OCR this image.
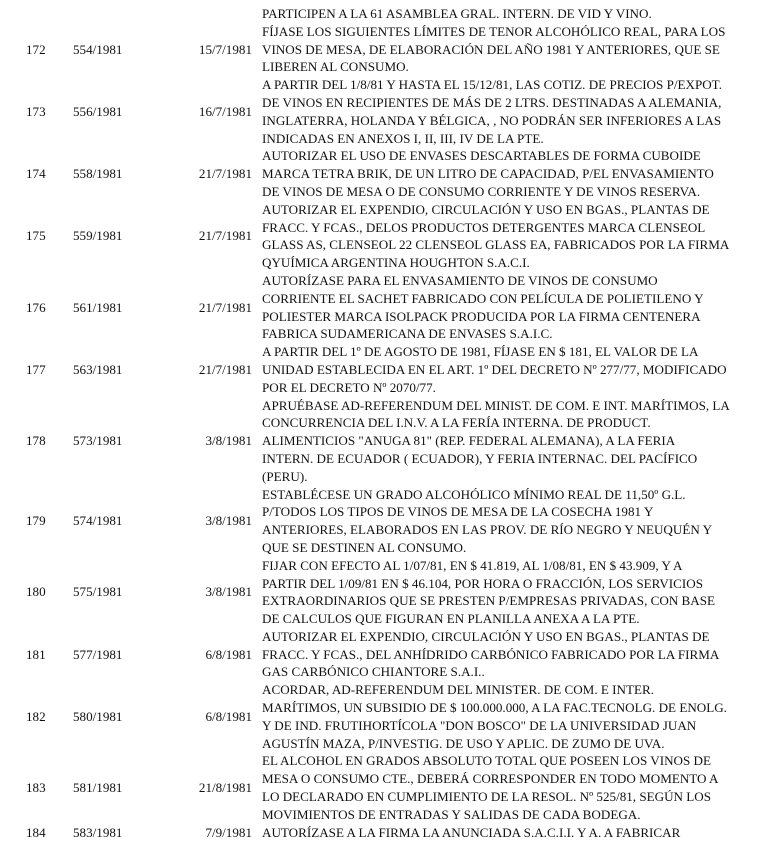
PARTICIPEN A LA 61 ASAMBLEA GRAL. INTERN. DE VID Y VINO.
172	554/1981	15/7/1981
FÍJASE LOS SIGUIENTES LÍMITES DE TENOR ALCOHÓLICO REAL, PARA LOS
VINOS DE MESA, DE ELABORACIÓN DEL AÑO 1981 Y ANTERIORES, QUE SE
LIBEREN AL CONSUMO.
173	556/1981	16/7/1981
A PARTIR DEL 1/8/81 Y HASTA EL 15/12/81, LAS COTIZ. DE PRECIOS P/EXPOT.
DE VINOS EN RECIPIENTES DE MÁS DE 2 LTRS. DESTINADAS A ALEMANIA,
INGLATERRA, HOLANDA Y BÉLGICA, , NO PODRÁN SER INFERIORES A LAS
INDICADAS EN ANEXOS I, II, III, IV DE LA PTE.
174	558/1981	21/7/1981
AUTORIZAR EL USO DE ENVASES DESCARTABLES DE FORMA CUBOIDE
MARCA TETRA BRIK, DE UN LITRO DE CAPACIDAD, P/EL ENVASAMIENTO
DE VINOS DE MESA O DE CONSUMO CORRIENTE Y DE VINOS RESERVA.
175	559/1981	21/7/1981
AUTORIZAR EL EXPENDIO, CIRCULACIÓN Y USO EN BGAS., PLANTAS DE
FRACC. Y FCAS., DELOS PRODUCTOS DETERGENTES MARCA CLENSEOL
GLASS AS, CLENSEOL 22 CLENSEOL GLASS EA, FABRICADOS POR LA FIRMA
QYUÍMICA ARGENTINA HOUGHTON S.A.C.I.
176	561/1981	21/7/1981
AUTORÍZASE PARA EL ENVASAMIENTO DE VINOS DE CONSUMO
CORRIENTE EL SACHET FABRICADO CON PELÍCULA DE POLIETILENO Y
POLIESTER MARCA ISOLPACK PRODUCIDA POR LA FIRMA CENTENERA
FABRICA SUDAMERICANA DE ENVASES S.A.I.C.
177	563/1981	21/7/1981
A PARTIR DEL 1º DE AGOSTO DE 1981, FÍJASE EN $ 181, EL VALOR DE LA
UNIDAD ESTABLECIDA EN EL ART. 1º DEL DECRETO Nº 277/77, MODIFICADO
POR EL DECRETO Nº 2070/77.
178	573/1981	3/8/1981
APRUÉBASE AD-REFERENDUM DEL MINIST. DE COM. E INT. MARÍTIMOS, LA
CONCURRENCIA DEL I.N.V. A LA FERÍA INTERNA. DE PRODUCT.
ALIMENTICIOS "ANUGA 81" (REP. FEDERAL ALEMANA), A LA FERIA
INTERN. DE ECUADOR ( ECUADOR), Y FERIA INTERNAC. DEL PACÍFICO
(PERU).
179	574/1981	3/8/1981
ESTABLÉCESE UN GRADO ALCOHÓLICO MÍNIMO REAL DE 11,50º G.L.
P/TODOS LOS TIPOS DE VINOS DE MESA DE LA COSECHA 1981 Y
ANTERIORES, ELABORADOS EN LAS PROV. DE RÍO NEGRO Y NEUQUÉN Y
QUE SE DESTINEN AL CONSUMO.
180	575/1981	3/8/1981
FIJAR CON EFECTO AL 1/07/81, EN $ 41.819, AL 1/08/81, EN $ 43.909, Y A
PARTIR DEL 1/09/81 EN $ 46.104, POR HORA O FRACCIÓN, LOS SERVICIOS
EXTRAORDINARIOS QUE SE PRESTEN P/EMPRESAS PRIVADAS, CON BASE
DE CALCULOS QUE FIGURAN EN PLANILLA ANEXA A LA PTE.
181	577/1981	6/8/1981
AUTORIZAR EL EXPENDIO, CIRCULACIÓN Y USO EN BGAS., PLANTAS DE
FRACC. Y FCAS., DEL ANHÍDRIDO CARBÓNICO FABRICADO POR LA FIRMA
GAS CARBÓNICO CHIANTORE S.A.I..
182	580/1981	6/8/1981
ACORDAR, AD-REFERENDUM DEL MINISTER. DE COM. E INTER.
MARÍTIMOS, UN SUBSIDIO DE $ 100.000.000, A LA FAC.TECNOLG. DE ENOLG.
Y DE IND. FRUTIHORTÍCOLA "DON BOSCO" DE LA UNIVERSIDAD JUAN
AGUSTÍN MAZA, P/INVESTIG. DE USO Y APLIC. DE ZUMO DE UVA.
183	581/1981	21/8/1981
EL ALCOHOL EN GRADOS ABSOLUTO TOTAL QUE POSEEN LOS VINOS DE
MESA O CONSUMO CTE., DEBERÁ CORRESPONDER EN TODO MOMENTO A
LO DECLARADO EN CUMPLIMIENTO DE LA RESOL. Nº 525/81, SEGÚN LOS
MOVIMIENTOS DE ENTRADAS Y SALIDAS DE CADA BODEGA.
184	583/1981	7/9/1981 AUTORÍZASE A LA FIRMA LA ANUNCIADA S.A.C.I.I. Y A. A FABRICAR
